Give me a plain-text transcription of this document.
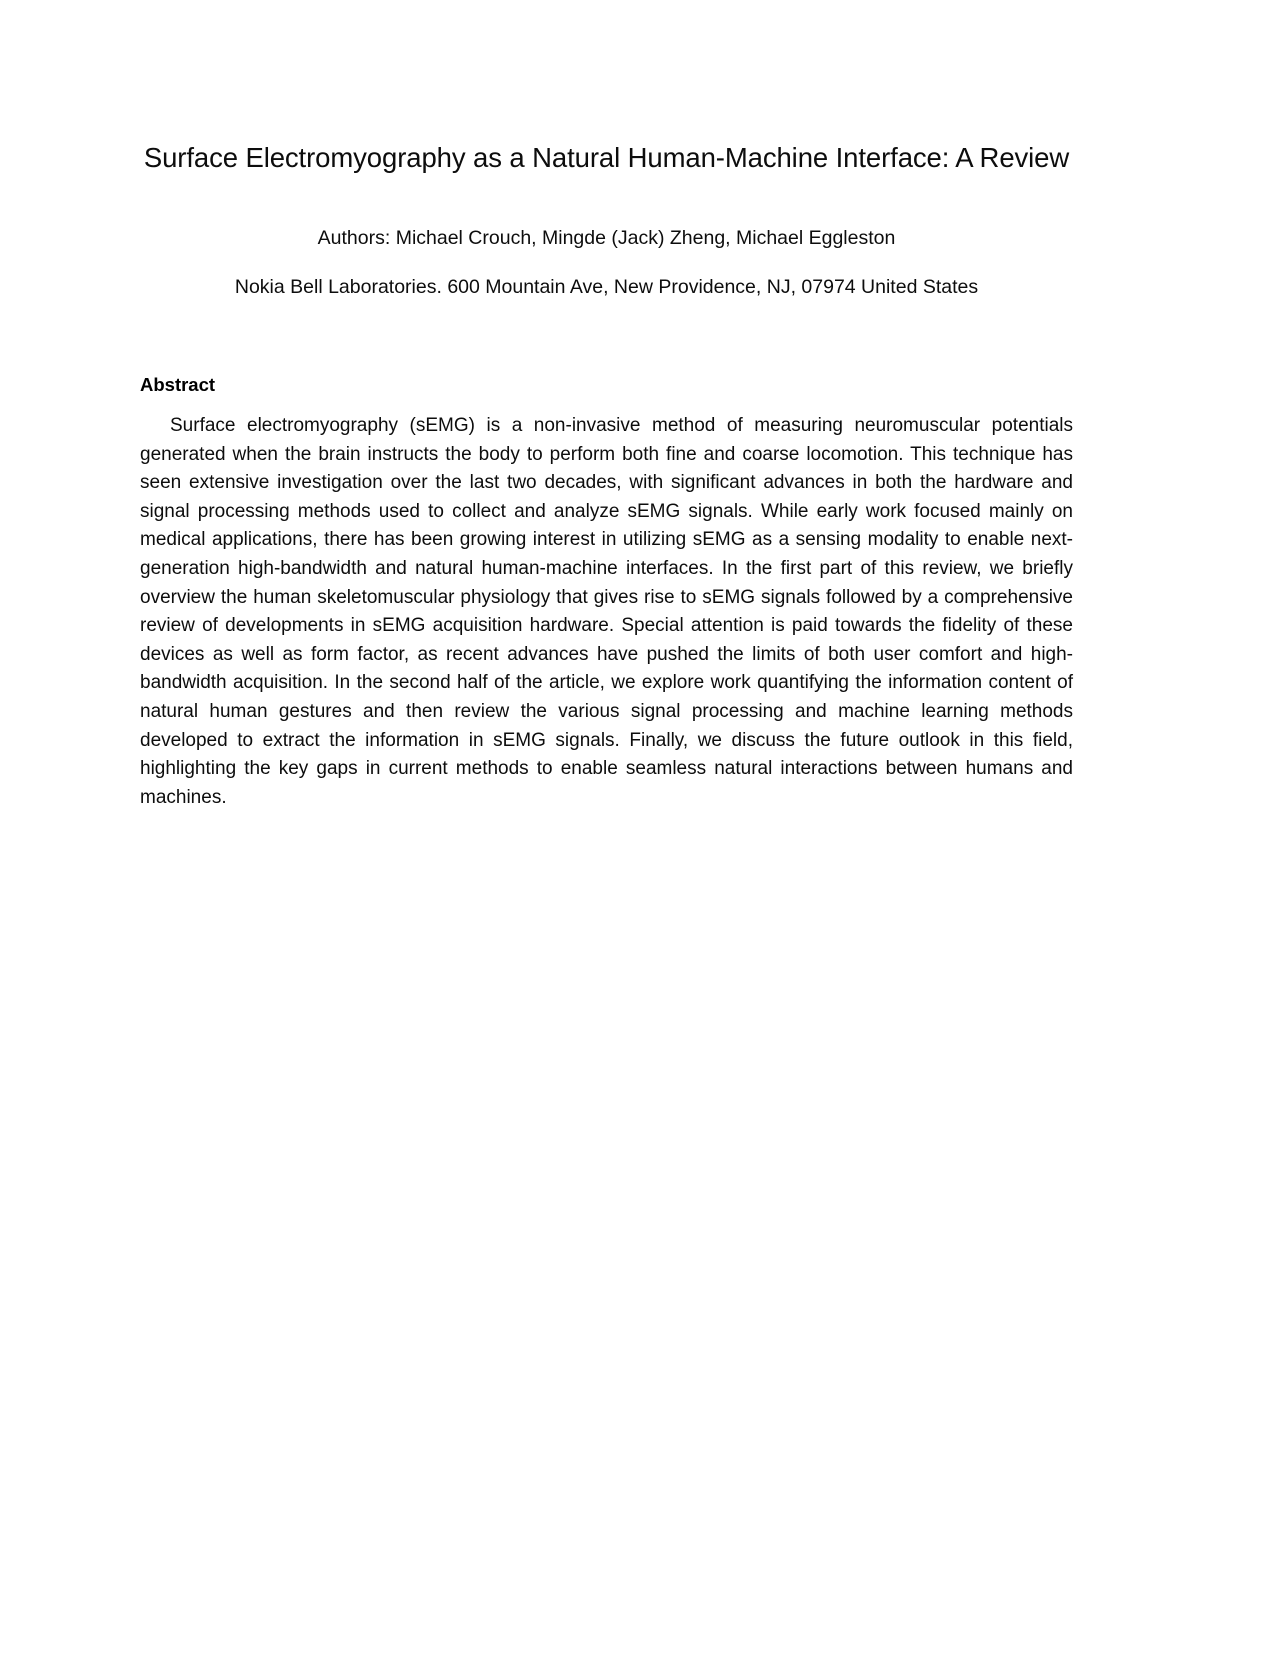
Surface Electromyography as a Natural Human-Machine Interface: A Review

Authors: Michael Crouch, Mingde (Jack) Zheng, Michael Eggleston

Nokia Bell Laboratories. 600 Mountain Ave, New Providence, NJ, 07974 United States

Abstract

Surface electromyography (sEMG) is a non-invasive method of measuring neuromuscular potentials generated when the brain instructs the body to perform both fine and coarse locomotion. This technique has seen extensive investigation over the last two decades, with significant advances in both the hardware and signal processing methods used to collect and analyze sEMG signals. While early work focused mainly on medical applications, there has been growing interest in utilizing sEMG as a sensing modality to enable next-generation high-bandwidth and natural human-machine interfaces. In the first part of this review, we briefly overview the human skeletomuscular physiology that gives rise to sEMG signals followed by a comprehensive review of developments in sEMG acquisition hardware. Special attention is paid towards the fidelity of these devices as well as form factor, as recent advances have pushed the limits of both user comfort and high-bandwidth acquisition. In the second half of the article, we explore work quantifying the information content of natural human gestures and then review the various signal processing and machine learning methods developed to extract the information in sEMG signals. Finally, we discuss the future outlook in this field, highlighting the key gaps in current methods to enable seamless natural interactions between humans and machines.
